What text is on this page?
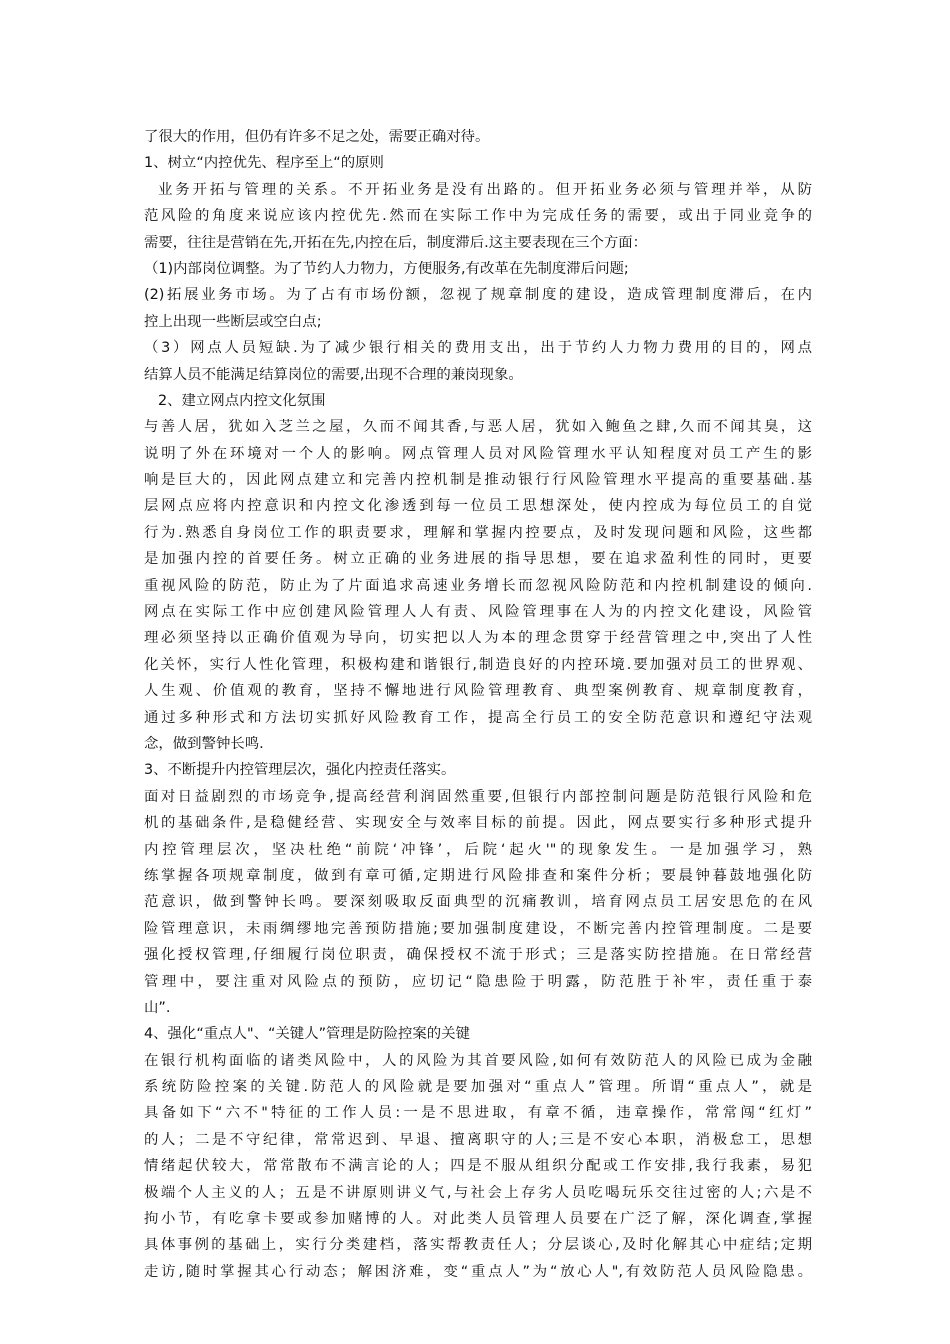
了很大的作用，但仍有许多不足之处，需要正确对待。

1、树立“内控优先、程序至上“的原则

业务开拓与管理的关系。不开拓业务是没有出路的。但开拓业务必须与管理并举，从防

范风险的角度来说应该内控优先.然而在实际工作中为完成任务的需要，或出于同业竞争的

需要，往往是营销在先,开拓在先,内控在后，制度滞后.这主要表现在三个方面：

（1)内部岗位调整。为了节约人力物力，方便服务,有改革在先制度滞后问题;

(2)拓展业务市场。为了占有市场份额，忽视了规章制度的建设，造成管理制度滞后，在内

控上出现一些断层或空白点;

（3）网点人员短缺.为了减少银行相关的费用支出，出于节约人力物力费用的目的，网点

结算人员不能满足结算岗位的需要,出现不合理的兼岗现象。

2、建立网点内控文化氛围

与善人居，犹如入芝兰之屋，久而不闻其香,与恶人居，犹如入鲍鱼之肆,久而不闻其臭，这

说明了外在环境对一个人的影响。网点管理人员对风险管理水平认知程度对员工产生的影

响是巨大的，因此网点建立和完善内控机制是推动银行行风险管理水平提高的重要基础.基

层网点应将内控意识和内控文化渗透到每一位员工思想深处，使内控成为每位员工的自觉

行为.熟悉自身岗位工作的职责要求，理解和掌握内控要点，及时发现问题和风险，这些都

是加强内控的首要任务。树立正确的业务进展的指导思想，要在追求盈利性的同时，更要

重视风险的防范，防止为了片面追求高速业务增长而忽视风险防范和内控机制建设的倾向.

网点在实际工作中应创建风险管理人人有责、风险管理事在人为的内控文化建设，风险管

理必须坚持以正确价值观为导向，切实把以人为本的理念贯穿于经营管理之中,突出了人性

化关怀，实行人性化管理，积极构建和谐银行,制造良好的内控环境.要加强对员工的世界观、

人生观、价值观的教育，坚持不懈地进行风险管理教育、典型案例教育、规章制度教育，

通过多种形式和方法切实抓好风险教育工作，提高全行员工的安全防范意识和遵纪守法观

念，做到警钟长鸣.

3、不断提升内控管理层次，强化内控责任落实。

面对日益剧烈的市场竞争,提高经营利润固然重要,但银行内部控制问题是防范银行风险和危

机的基础条件,是稳健经营、实现安全与效率目标的前提。因此，网点要实行多种形式提升

内控管理层次，坚决杜绝“前院‘冲锋’，后院‘起火'"的现象发生。一是加强学习，熟

练掌握各项规章制度，做到有章可循,定期进行风险排查和案件分析；要晨钟暮鼓地强化防

范意识，做到警钟长鸣。要深刻吸取反面典型的沉痛教训，培育网点员工居安思危的在风

险管理意识，未雨绸缪地完善预防措施;要加强制度建设，不断完善内控管理制度。二是要

强化授权管理,仔细履行岗位职责，确保授权不流于形式；三是落实防控措施。在日常经营

管理中，要注重对风险点的预防，应切记“隐患险于明露，防范胜于补牢，责任重于泰

山”.

4、强化“重点人"、“关键人”管理是防险控案的关键

在银行机构面临的诸类风险中，人的风险为其首要风险,如何有效防范人的风险已成为金融

系统防险控案的关键.防范人的风险就是要加强对“重点人”管理。所谓“重点人”，就是

具备如下“六不"特征的工作人员:一是不思进取，有章不循，违章操作，常常闯“红灯”

的人；二是不守纪律，常常迟到、早退、擅离职守的人;三是不安心本职，消极怠工，思想

情绪起伏较大，常常散布不满言论的人；四是不服从组织分配或工作安排,我行我素，易犯

极端个人主义的人；五是不讲原则讲义气,与社会上存劣人员吃喝玩乐交往过密的人;六是不

拘小节，有吃拿卡要或参加赌博的人。对此类人员管理人员要在广泛了解，深化调查,掌握

具体事例的基础上，实行分类建档，落实帮教责任人；分层谈心,及时化解其心中症结;定期

走访,随时掌握其心行动态；解困济难，变“重点人”为“放心人",有效防范人员风险隐患。
